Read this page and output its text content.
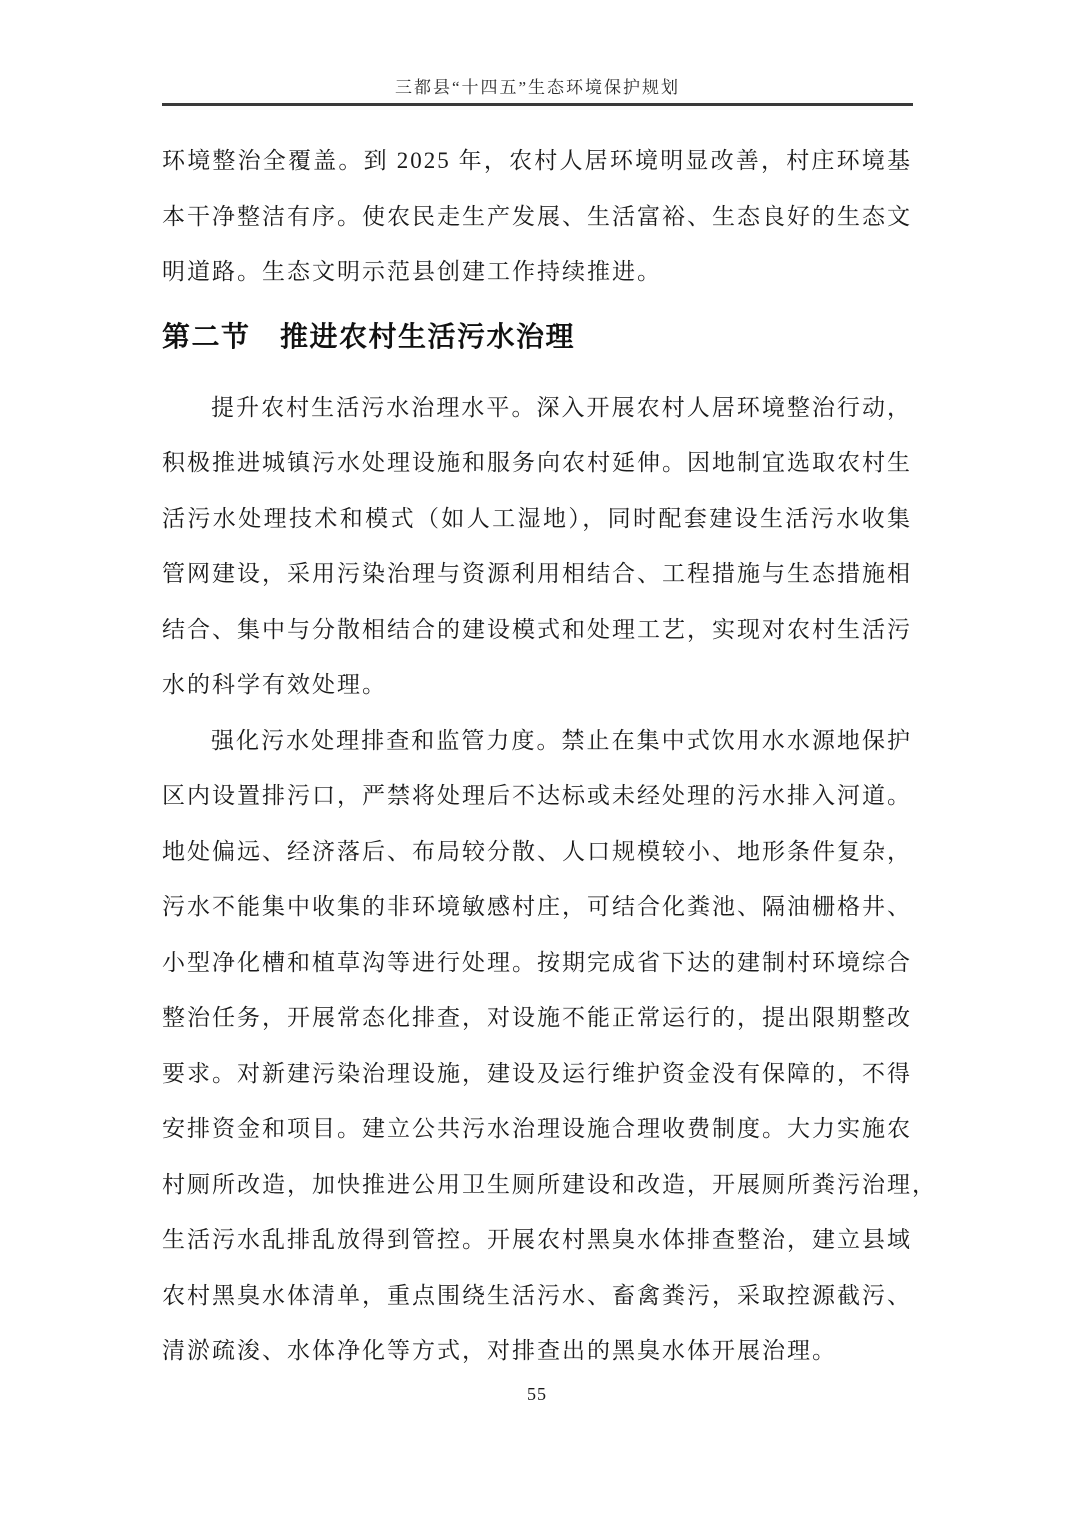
三都县“十四五”生态环境保护规划
环境整治全覆盖。到 2025 年，农村人居环境明显改善，村庄环境基
本干净整洁有序。使农民走生产发展、生活富裕、生态良好的生态文
明道路。生态文明示范县创建工作持续推进。
第二节　推进农村生活污水治理
提升农村生活污水治理水平。深入开展农村人居环境整治行动，
积极推进城镇污水处理设施和服务向农村延伸。因地制宜选取农村生
活污水处理技术和模式（如人工湿地），同时配套建设生活污水收集
管网建设，采用污染治理与资源利用相结合、工程措施与生态措施相
结合、集中与分散相结合的建设模式和处理工艺，实现对农村生活污
水的科学有效处理。
强化污水处理排查和监管力度。禁止在集中式饮用水水源地保护
区内设置排污口，严禁将处理后不达标或未经处理的污水排入河道。
地处偏远、经济落后、布局较分散、人口规模较小、地形条件复杂，
污水不能集中收集的非环境敏感村庄，可结合化粪池、隔油栅格井、
小型净化槽和植草沟等进行处理。按期完成省下达的建制村环境综合
整治任务，开展常态化排查，对设施不能正常运行的，提出限期整改
要求。对新建污染治理设施，建设及运行维护资金没有保障的，不得
安排资金和项目。建立公共污水治理设施合理收费制度。大力实施农
村厕所改造，加快推进公用卫生厕所建设和改造，开展厕所粪污治理，
生活污水乱排乱放得到管控。开展农村黑臭水体排查整治，建立县域
农村黑臭水体清单，重点围绕生活污水、畜禽粪污，采取控源截污、
清淤疏浚、水体净化等方式，对排查出的黑臭水体开展治理。
55
